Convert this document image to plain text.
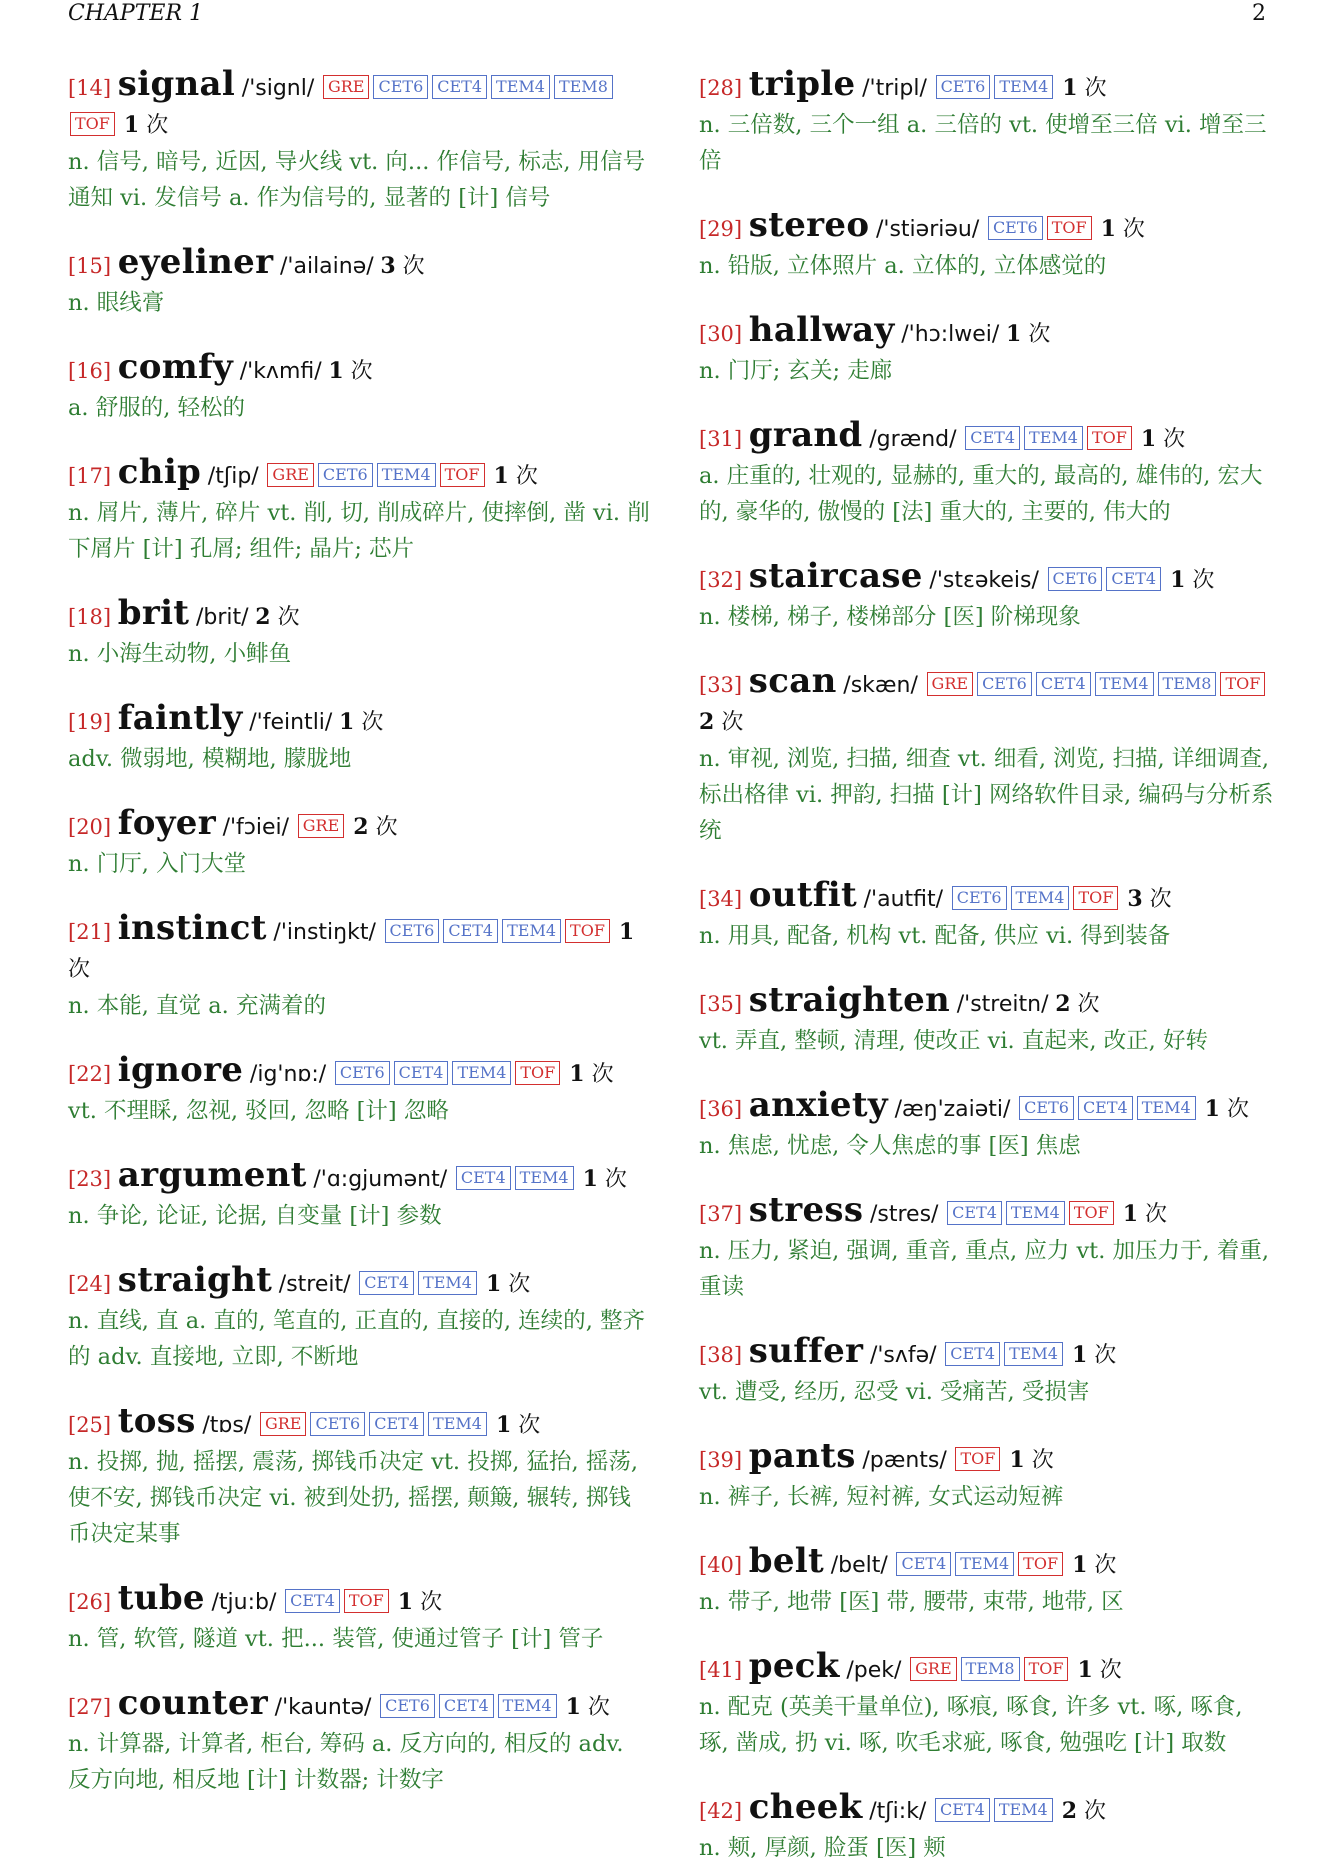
CHAPTER 1	2
[14] signal /'signl/ GRE CET6 CET4 TEM4 TEM8TOF 1 次
n. 信号, 暗号, 近因, 导火线 vt. 向... 作信号, 标志, 用信号通知 vi. 发信号 a. 作为信号的, 显著的 [计] 信号
[15] eyeliner /'ailainə/ 3 次
n. 眼线膏
[16] comfy /'kʌmfi/ 1 次
a. 舒服的, 轻松的
[17] chip /tʃip/ GRE CET6 TEM4 TOF 1 次
n. 屑片, 薄片, 碎片 vt. 削, 切, 削成碎片, 使摔倒, 凿 vi. 削下屑片 [计] 孔屑; 组件; 晶片; 芯片
[18] brit /brit/ 2 次
n. 小海生动物, 小鲱鱼
[19] faintly /'feintli/ 1 次
adv. 微弱地, 模糊地, 朦胧地
[20] foyer /'fɔiei/ GRE 2 次
n. 门厅, 入门大堂
[21] instinct /'instiŋkt/ CET6 CET4 TEM4 TOF 1 次
n. 本能, 直觉 a. 充满着的
[22] ignore /ig'nɒ:/ CET6 CET4 TEM4 TOF 1 次
vt. 不理睬, 忽视, 驳回, 忽略 [计] 忽略
[23] argument /'ɑ:gjumənt/ CET4 TEM4 1 次
n. 争论, 论证, 论据, 自变量 [计] 参数
[24] straight /streit/ CET4 TEM4 1 次
n. 直线, 直 a. 直的, 笔直的, 正直的, 直接的, 连续的, 整齐的 adv. 直接地, 立即, 不断地
[25] toss /tɒs/ GRE CET6 CET4 TEM4 1 次
n. 投掷, 抛, 摇摆, 震荡, 掷钱币决定 vt. 投掷, 猛抬, 摇荡, 使不安, 掷钱币决定 vi. 被到处扔, 摇摆, 颠簸, 辗转, 掷钱币决定某事
[26] tube /tju:b/ CET4 TOF 1 次
n. 管, 软管, 隧道 vt. 把... 装管, 使通过管子 [计] 管子
[27] counter /'kauntə/ CET6 CET4 TEM4 1 次
n. 计算器, 计算者, 柜台, 筹码 a. 反方向的, 相反的 adv. 反方向地, 相反地 [计] 计数器; 计数字
[28] triple /'tripl/ CET6 TEM4 1 次
n. 三倍数, 三个一组 a. 三倍的 vt. 使增至三倍 vi. 增至三倍
[29] stereo /'stiəriəu/ CET6 TOF 1 次
n. 铅版, 立体照片 a. 立体的, 立体感觉的
[30] hallway /'hɔ:lwei/ 1 次
n. 门厅; 玄关; 走廊
[31] grand /grænd/ CET4 TEM4 TOF 1 次
a. 庄重的, 壮观的, 显赫的, 重大的, 最高的, 雄伟的, 宏大的, 豪华的, 傲慢的 [法] 重大的, 主要的, 伟大的
[32] staircase /'stɛəkeis/ CET6 CET4 1 次
n. 楼梯, 梯子, 楼梯部分 [医] 阶梯现象
[33] scan /skæn/ GRE CET6 CET4 TEM4 TEM8 TOF 2 次
n. 审视, 浏览, 扫描, 细查 vt. 细看, 浏览, 扫描, 详细调查, 标出格律 vi. 押韵, 扫描 [计] 网络软件目录, 编码与分析系统
[34] outfit /'autfit/ CET6 TEM4 TOF 3 次
n. 用具, 配备, 机构 vt. 配备, 供应 vi. 得到装备
[35] straighten /'streitn/ 2 次
vt. 弄直, 整顿, 清理, 使改正 vi. 直起来, 改正, 好转
[36] anxiety /æŋ'zaiəti/ CET6 CET4 TEM4 1 次
n. 焦虑, 忧虑, 令人焦虑的事 [医] 焦虑
[37] stress /stres/ CET4 TEM4 TOF 1 次
n. 压力, 紧迫, 强调, 重音, 重点, 应力 vt. 加压力于, 着重, 重读
[38] suffer /'sʌfə/ CET4 TEM4 1 次
vt. 遭受, 经历, 忍受 vi. 受痛苦, 受损害
[39] pants /pænts/ TOF 1 次
n. 裤子, 长裤, 短衬裤, 女式运动短裤
[40] belt /belt/ CET4 TEM4 TOF 1 次
n. 带子, 地带 [医] 带, 腰带, 束带, 地带, 区
[41] peck /pek/ GRE TEM8 TOF 1 次
n. 配克 (英美干量单位), 啄痕, 啄食, 许多 vt. 啄, 啄食, 琢, 凿成, 扔 vi. 啄, 吹毛求疵, 啄食, 勉强吃 [计] 取数
[42] cheek /tʃi:k/ CET4 TEM4 2 次
n. 颊, 厚颜, 脸蛋 [医] 颊
